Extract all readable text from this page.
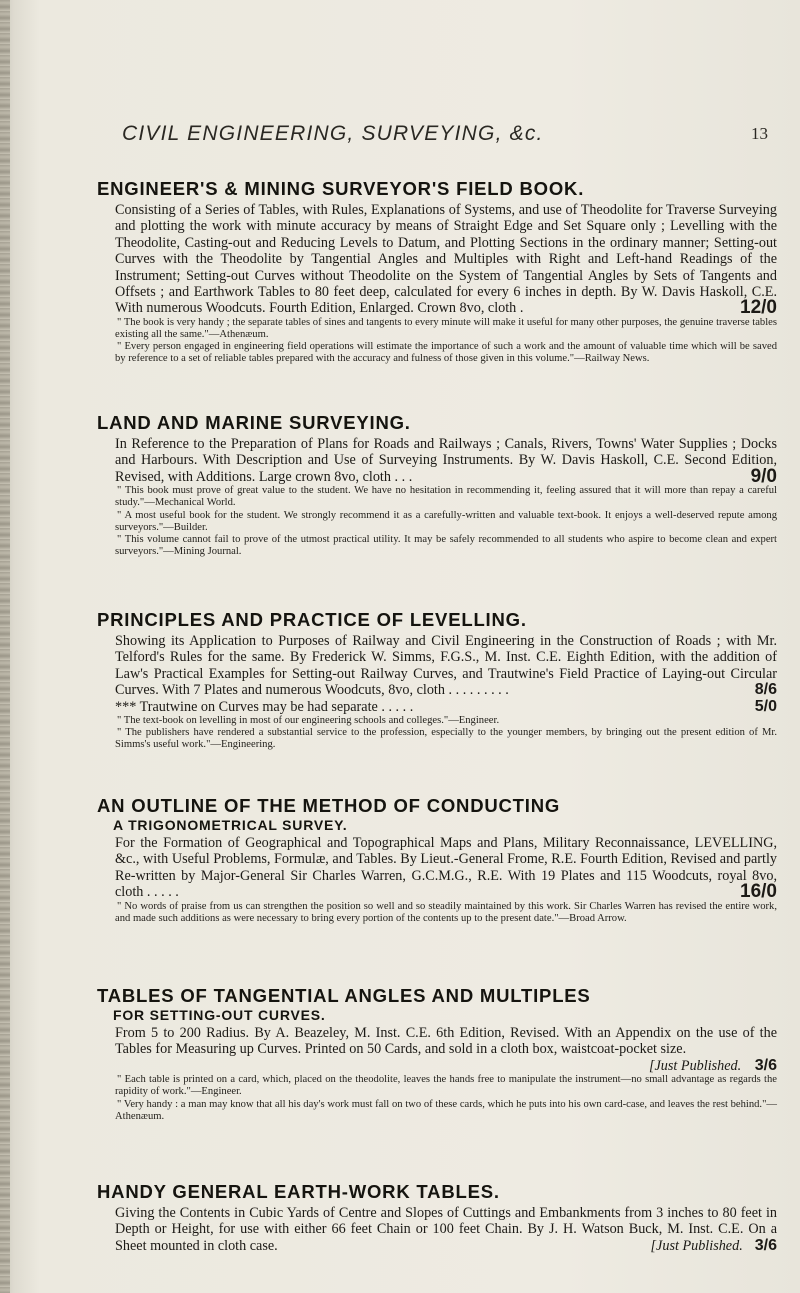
CIVIL ENGINEERING, SURVEYING, &c.	13
ENGINEER'S & MINING SURVEYOR'S FIELD BOOK.
Consisting of a Series of Tables, with Rules, Explanations of Systems, and use of Theodolite for Traverse Surveying and plotting the work with minute accuracy by means of Straight Edge and Set Square only ; Levelling with the Theodolite, Casting-out and Reducing Levels to Datum, and Plotting Sections in the ordinary manner; Setting-out Curves with the Theodolite by Tangential Angles and Multiples with Right and Left-hand Readings of the Instrument; Setting-out Curves without Theodolite on the System of Tangential Angles by Sets of Tangents and Offsets ; and Earthwork Tables to 80 feet deep, calculated for every 6 inches in depth. By W. Davis Haskoll, C.E. With numerous Woodcuts. Fourth Edition, Enlarged. Crown 8vo, cloth .	12/0
" The book is very handy ; the separate tables of sines and tangents to every minute will make it useful for many other purposes, the genuine traverse tables existing all the same."—Athenæum.
" Every person engaged in engineering field operations will estimate the importance of such a work and the amount of valuable time which will be saved by reference to a set of reliable tables prepared with the accuracy and fulness of those given in this volume."—Railway News.
LAND AND MARINE SURVEYING.
In Reference to the Preparation of Plans for Roads and Railways ; Canals, Rivers, Towns' Water Supplies ; Docks and Harbours. With Description and Use of Surveying Instruments. By W. Davis Haskoll, C.E. Second Edition, Revised, with Additions. Large crown 8vo, cloth . . .	9/0
" This book must prove of great value to the student. We have no hesitation in recommending it, feeling assured that it will more than repay a careful study."—Mechanical World.
" A most useful book for the student. We strongly recommend it as a carefully-written and valuable text-book. It enjoys a well-deserved repute among surveyors."—Builder.
" This volume cannot fail to prove of the utmost practical utility. It may be safely recommended to all students who aspire to become clean and expert surveyors."—Mining Journal.
PRINCIPLES AND PRACTICE OF LEVELLING.
Showing its Application to Purposes of Railway and Civil Engineering in the Construction of Roads ; with Mr. Telford's Rules for the same. By Frederick W. Simms, F.G.S., M. Inst. C.E. Eighth Edition, with the addition of Law's Practical Examples for Setting-out Railway Curves, and Trautwine's Field Practice of Laying-out Circular Curves. With 7 Plates and numerous Woodcuts, 8vo, cloth . . . . . . . . .	8/6
*** Trautwine on Curves may be had separate . . . . .	5/0
" The text-book on levelling in most of our engineering schools and colleges."—Engineer.
" The publishers have rendered a substantial service to the profession, especially to the younger members, by bringing out the present edition of Mr. Simms's useful work."—Engineering.
AN OUTLINE OF THE METHOD OF CONDUCTING
A TRIGONOMETRICAL SURVEY.
For the Formation of Geographical and Topographical Maps and Plans, Military Reconnaissance, LEVELLING, &c., with Useful Problems, Formulæ, and Tables. By Lieut.-General Frome, R.E. Fourth Edition, Revised and partly Re-written by Major-General Sir Charles Warren, G.C.M.G., R.E. With 19 Plates and 115 Woodcuts, royal 8vo, cloth . . . . .	16/0
" No words of praise from us can strengthen the position so well and so steadily maintained by this work. Sir Charles Warren has revised the entire work, and made such additions as were necessary to bring every portion of the contents up to the present date."—Broad Arrow.
TABLES OF TANGENTIAL ANGLES AND MULTIPLES
FOR SETTING-OUT CURVES.
From 5 to 200 Radius. By A. Beazeley, M. Inst. C.E. 6th Edition, Revised. With an Appendix on the use of the Tables for Measuring up Curves. Printed on 50 Cards, and sold in a cloth box, waistcoat-pocket size.
[Just Published. 3/6
" Each table is printed on a card, which, placed on the theodolite, leaves the hands free to manipulate the instrument—no small advantage as regards the rapidity of work."—Engineer.
" Very handy : a man may know that all his day's work must fall on two of these cards, which he puts into his own card-case, and leaves the rest behind."—Athenæum.
HANDY GENERAL EARTH-WORK TABLES.
Giving the Contents in Cubic Yards of Centre and Slopes of Cuttings and Embankments from 3 inches to 80 feet in Depth or Height, for use with either 66 feet Chain or 100 feet Chain. By J. H. Watson Buck, M. Inst. C.E. On a Sheet mounted in cloth case.	3/6
[Just Published.
